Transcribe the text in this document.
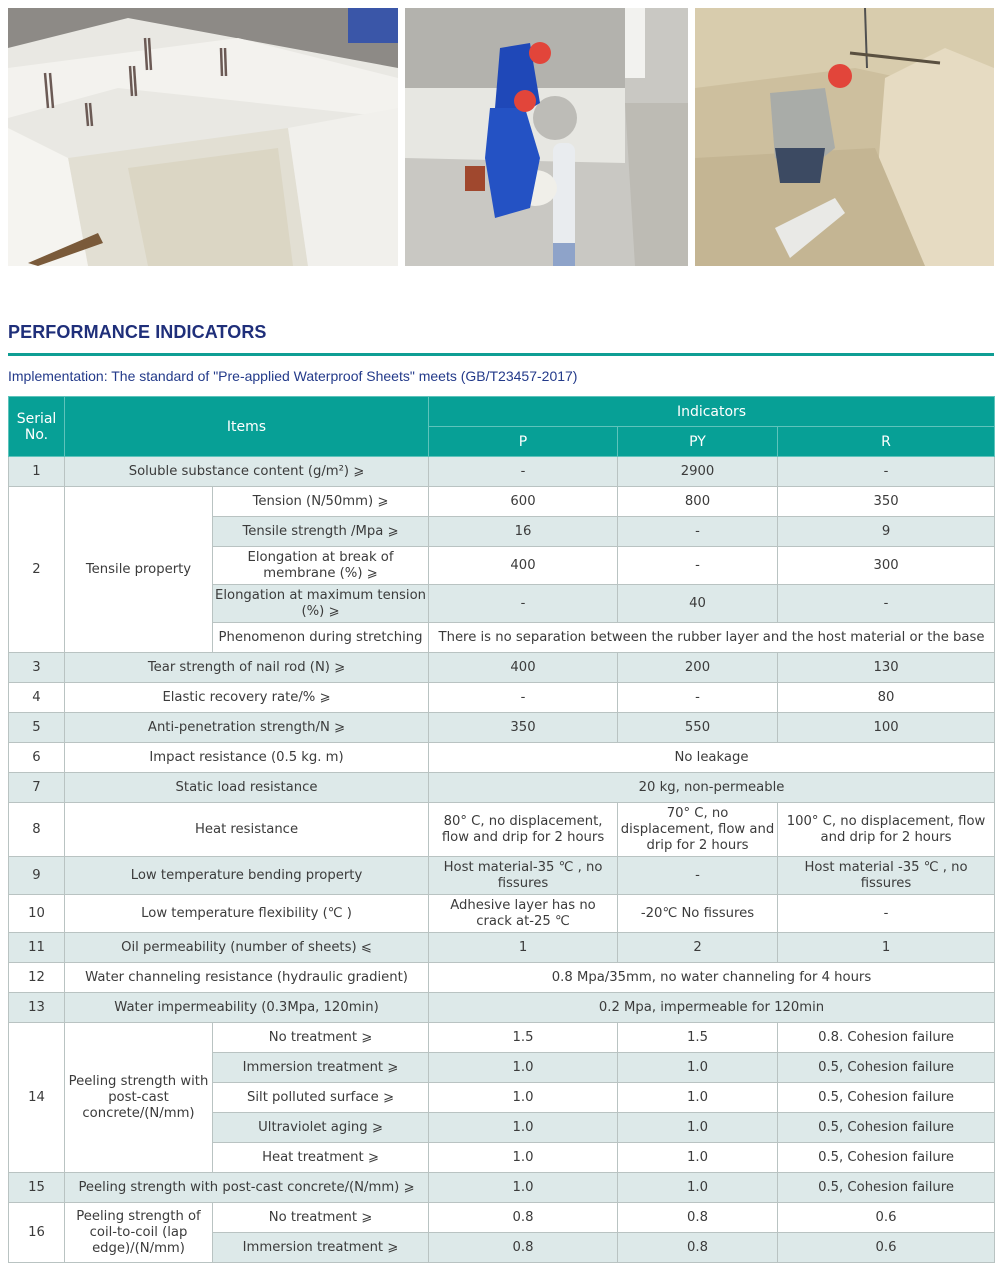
PERFORMANCE INDICATORS
Implementation: The standard of "Pre-applied Waterproof Sheets" meets (GB/T23457-2017)
Serial No.	Items		Indicators		
			P	PY	R
1	Soluble substance content (g/m²) ⩾		-	2900	-
2	Tensile property	Tension (N/50mm) ⩾	600	800	350
		Tensile strength /Mpa ⩾	16	-	9
		Elongation at break of membrane (%) ⩾	400	-	300
		Elongation at maximum tension (%) ⩾	-	40	-
		Phenomenon during stretching	There is no separation between the rubber layer and the host material or the base		
3	Tear strength of nail rod (N) ⩾		400	200	130
4	Elastic recovery rate/% ⩾		-	-	80
5	Anti-penetration strength/N ⩾		350	550	100
6	Impact resistance (0.5 kg. m)		No leakage		
7	Static load resistance		20 kg, non-permeable		
8	Heat resistance		80° C, no displacement, flow and drip for 2 hours	70° C, no displacement, flow and drip for 2 hours	100° C, no displacement, flow and drip for 2 hours
9	Low temperature bending property		Host material-35 ℃ , no fissures	-	Host material -35 ℃ , no fissures
10	Low temperature flexibility (℃ )		Adhesive layer has no crack at-25 ℃	-20℃ No fissures	-
11	Oil permeability (number of sheets) ⩽		1	2	1
12	Water channeling resistance (hydraulic gradient)		0.8 Mpa/35mm, no water channeling for 4 hours		
13	Water impermeability (0.3Mpa, 120min)		0.2 Mpa, impermeable for 120min		
14	Peeling strength with post-cast concrete/(N/mm)	No treatment ⩾	1.5	1.5	0.8. Cohesion failure
		Immersion treatment ⩾	1.0	1.0	0.5, Cohesion failure
		Silt polluted surface ⩾	1.0	1.0	0.5, Cohesion failure
		Ultraviolet aging ⩾	1.0	1.0	0.5, Cohesion failure
		Heat treatment ⩾	1.0	1.0	0.5, Cohesion failure
15	Peeling strength with post-cast concrete/(N/mm) ⩾		1.0	1.0	0.5, Cohesion failure
16	Peeling strength of coil-to-coil (lap edge)/(N/mm)	No treatment ⩾	0.8	0.8	0.6
		Immersion treatment ⩾	0.8	0.8	0.6
